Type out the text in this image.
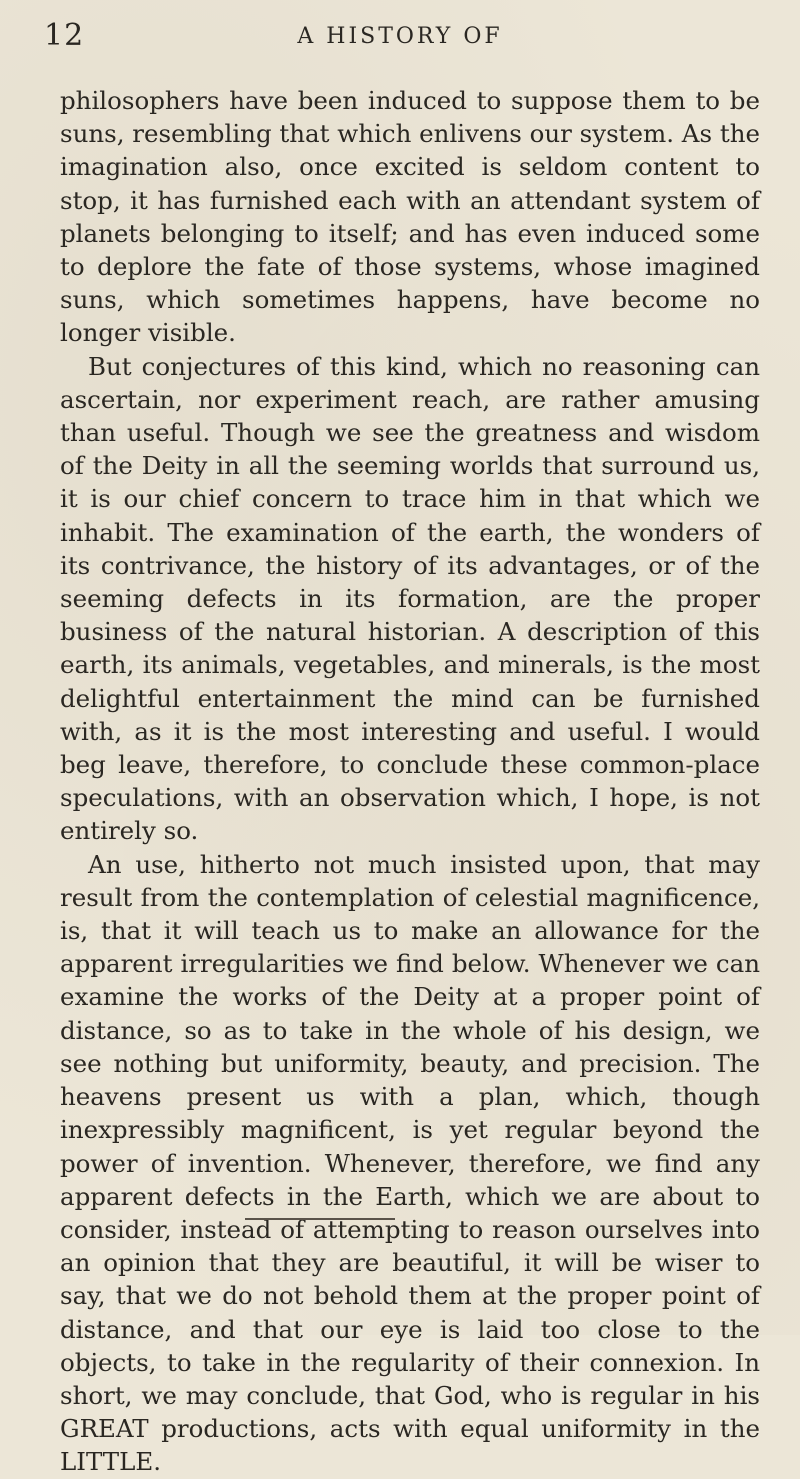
12	A HISTORY OF

philosophers have been induced to suppose them to be suns, resembling that which enlivens our system. As the imagination also, once excited is seldom content to stop, it has furnished each with an attendant system of planets belonging to itself; and has even induced some to deplore the fate of those systems, whose imagined suns, which sometimes happens, have become no longer visible.

But conjectures of this kind, which no reasoning can ascertain, nor experiment reach, are rather amusing than useful. Though we see the greatness and wisdom of the Deity in all the seeming worlds that surround us, it is our chief concern to trace him in that which we inhabit. The examination of the earth, the wonders of its contrivance, the history of its advantages, or of the seeming defects in its formation, are the proper business of the natural historian. A description of this earth, its animals, vegetables, and minerals, is the most delightful entertainment the mind can be furnished with, as it is the most interesting and useful. I would beg leave, therefore, to conclude these common-place speculations, with an observation which, I hope, is not entirely so.

An use, hitherto not much insisted upon, that may result from the contemplation of celestial magnificence, is, that it will teach us to make an allowance for the apparent irregularities we find below. Whenever we can examine the works of the Deity at a proper point of distance, so as to take in the whole of his design, we see nothing but uniformity, beauty, and precision. The heavens present us with a plan, which, though inexpressibly magnificent, is yet regular beyond the power of invention. Whenever, therefore, we find any apparent defects in the Earth, which we are about to consider, instead of attempting to reason ourselves into an opinion that they are beautiful, it will be wiser to say, that we do not behold them at the proper point of distance, and that our eye is laid too close to the objects, to take in the regularity of their connexion. In short, we may conclude, that God, who is regular in his GREAT productions, acts with equal uniformity in the LITTLE.
